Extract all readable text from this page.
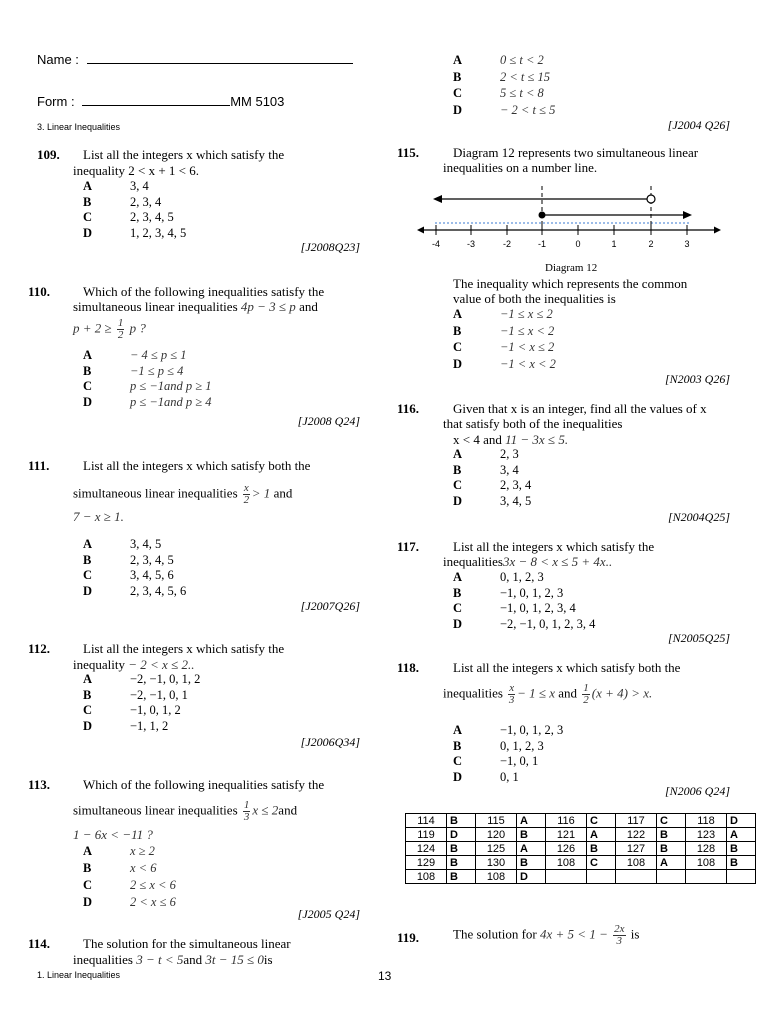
Name :
Form :	MM 5103
3. Linear Inequalities
109. List all the integers x which satisfy the
inequality 2 < x + 1 < 6.
A	3, 4
B	2, 3, 4
C	2, 3, 4, 5
D	1, 2, 3, 4, 5
[J2008Q23]
110.	Which of the following inequalities satisfy the
simultaneous linear inequalities 4p − 3 ≤ p and
$p + 2 \ge \frac{1}{2}$ p ?
A	− 4 ≤ p ≤ 1
B	−1 ≤ p ≤ 4
C	p ≤ −1and p ≥ 1
D	p ≤ −1and p ≥ 4
[J2008 Q24]
111.	List all the integers x which satisfy both the
simultaneous linear inequalities $\frac{x}{2} > 1$ and
7 − x ≥ 1.
A	3, 4, 5
B	2, 3, 4, 5
C	3, 4, 5, 6
D	2, 3, 4, 5, 6
[J2007Q26]
112.	List all the integers x which satisfy the
inequality − 2 < x ≤ 2..
A	−2, −1, 0, 1, 2
B	−2, −1, 0, 1
C	−1, 0, 1, 2
D	−1, 1, 2
[J2006Q34]
113.	Which of the following inequalities satisfy the
simultaneous linear inequalities $\frac{1}{3}$ x ≤ 2and
1 − 6x < −11 ?
A	x ≥ 2
B	x < 6
C	2 ≤ x < 6
D	2 < x ≤ 6
[J2005 Q24]
114.	The solution for the simultaneous linear
inequalities 3 − t < 5and 3t − 15 ≤ 0is
A	0 ≤ t < 2
B	2 < t ≤ 15
C	5 ≤ t < 8
D	− 2 < t ≤ 5
[J2004 Q26]
115.	Diagram 12 represents two simultaneous linear
inequalities on a number line.
-4	-3	-2	-1	0	1	2	3
Diagram 12
The inequality which represents the common
value of both the inequalities is
A	−1 ≤ x ≤ 2
B	−1 ≤ x < 2
C	−1 < x ≤ 2
D	−1 < x < 2
[N2003 Q26]
116.	Given that x is an integer, find all the values of x
that satisfy both of the inequalities
x < 4 and 11 − 3x ≤ 5.
A	2, 3
B	3, 4
C	2, 3, 4
D	3, 4, 5
[N2004Q25]
117.	List all the integers x which satisfy the
inequalities3x − 8 < x ≤ 5 + 4x..
A	0, 1, 2, 3
B	−1, 0, 1, 2, 3
C	−1, 0, 1, 2, 3, 4
D	−2, −1, 0, 1, 2, 3, 4
[N2005Q25]
118.	List all the integers x which satisfy both the
inequalities $\frac{x}{3} - 1 \le x$ and $\frac{1}{2} (x + 4) > x$.
A	−1, 0, 1, 2, 3
B	0, 1, 2, 3
C	−1, 0, 1
D	0, 1
[N2006 Q24]
114	B	115	A	116	C	117	C	118	D
119	D	120	B	121	A	122	B	123	A
124	B	125	A	126	B	127	B	128	B
129	B	130	B	108	C	108	A	108	B
108	B	108	D						
119.	The solution for $4x + 5 < 1 - \frac{2x}{3}$ is
1. Linear Inequalities	13
